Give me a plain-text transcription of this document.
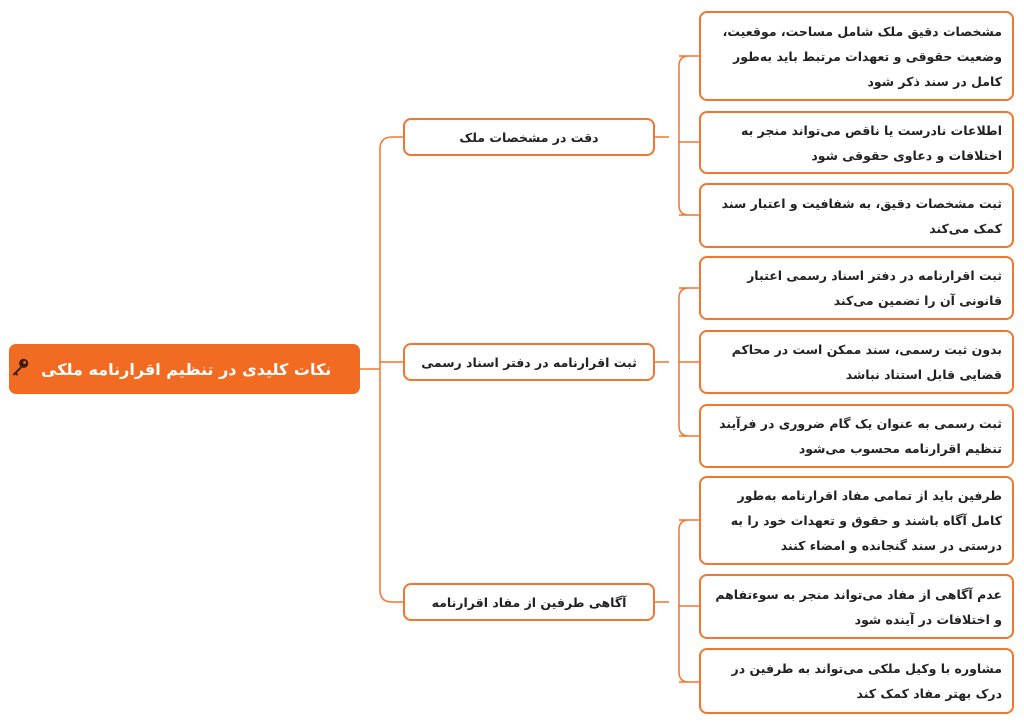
نکات کلیدی در تنظیم اقرارنامه ملکی
دقت در مشخصات ملک
ثبت اقرارنامه در دفتر اسناد رسمی
آگاهی طرفین از مفاد اقرارنامه
مشخصات دقیق ملک شامل مساحت، موقعیت، وضعیت حقوقی و تعهدات مرتبط باید به‌طور کامل در سند ذکر شود
اطلاعات نادرست یا ناقص می‌تواند منجر به اختلافات و دعاوی حقوقی شود
ثبت مشخصات دقیق، به شفافیت و اعتبار سند کمک می‌کند
ثبت اقرارنامه در دفتر اسناد رسمی اعتبار قانونی آن را تضمین می‌کند
بدون ثبت رسمی، سند ممکن است در محاکم قضایی قابل استناد نباشد
ثبت رسمی به عنوان یک گام ضروری در فرآیند تنظیم اقرارنامه محسوب می‌شود
طرفین باید از تمامی مفاد اقرارنامه به‌طور کامل آگاه باشند و حقوق و تعهدات خود را به درستی در سند گنجانده و امضاء کنند
عدم آگاهی از مفاد می‌تواند منجر به سوءتفاهم و اختلافات در آینده شود
مشاوره با وکیل ملکی می‌تواند به طرفین در درک بهتر مفاد کمک کند
